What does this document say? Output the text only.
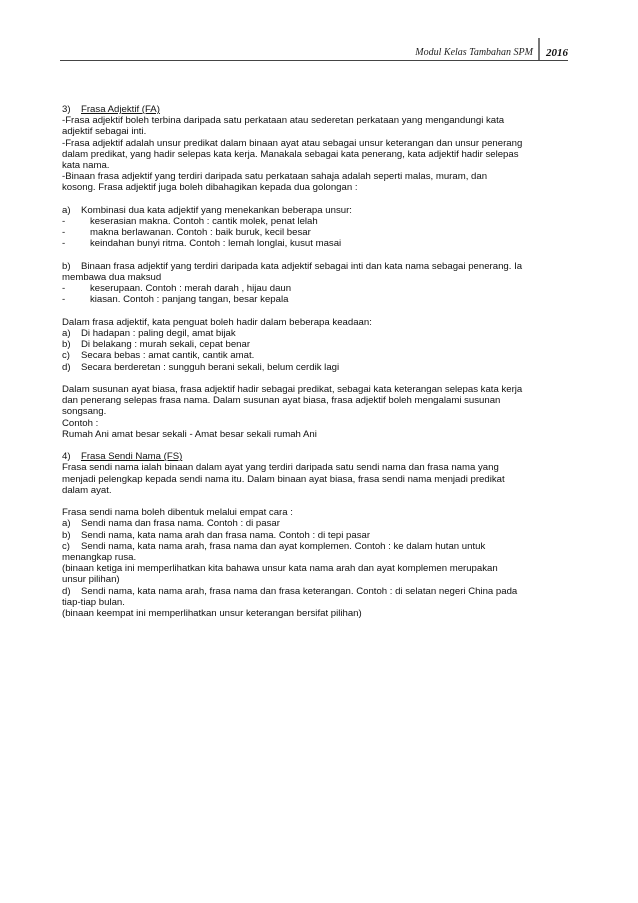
Modul Kelas Tambahan SPM	2016
3) Frasa Adjektif (FA)
-Frasa adjektif boleh terbina daripada satu perkataan atau sederetan perkataan yang mengandungi kata
adjektif sebagai inti.
-Frasa adjektif adalah unsur predikat dalam binaan ayat atau sebagai unsur keterangan dan unsur penerang
dalam predikat, yang hadir selepas kata kerja. Manakala sebagai kata penerang, kata adjektif hadir selepas
kata nama.
-Binaan frasa adjektif yang terdiri daripada satu perkataan sahaja adalah seperti malas, muram, dan
kosong. Frasa adjektif juga boleh dibahagikan kepada dua golongan :
a) Kombinasi dua kata adjektif yang menekankan beberapa unsur:
-	keserasian makna. Contoh : cantik molek, penat lelah
-	makna berlawanan. Contoh : baik buruk, kecil besar
-	keindahan bunyi ritma. Contoh : lemah longlai, kusut masai
b) Binaan frasa adjektif yang terdiri daripada kata adjektif sebagai inti dan kata nama sebagai penerang. Ia
membawa dua maksud
-	keserupaan. Contoh : merah darah , hijau daun
-	kiasan. Contoh : panjang tangan, besar kepala
Dalam frasa adjektif, kata penguat boleh hadir dalam beberapa keadaan:
a) Di hadapan : paling degil, amat bijak
b) Di belakang : murah sekali, cepat benar
c) Secara bebas : amat cantik, cantik amat.
d) Secara berderetan : sungguh berani sekali, belum cerdik lagi
Dalam susunan ayat biasa, frasa adjektif hadir sebagai predikat, sebagai kata keterangan selepas kata kerja
dan penerang selepas frasa nama. Dalam susunan ayat biasa, frasa adjektif boleh mengalami susunan
songsang.
Contoh :
Rumah Ani amat besar sekali - Amat besar sekali rumah Ani
4) Frasa Sendi Nama (FS)
Frasa sendi nama ialah binaan dalam ayat yang terdiri daripada satu sendi nama dan frasa nama yang
menjadi pelengkap kepada sendi nama itu. Dalam binaan ayat biasa, frasa sendi nama menjadi predikat
dalam ayat.
Frasa sendi nama boleh dibentuk melalui empat cara :
a) Sendi nama dan frasa nama. Contoh : di pasar
b) Sendi nama, kata nama arah dan frasa nama. Contoh : di tepi pasar
c) Sendi nama, kata nama arah, frasa nama dan ayat komplemen. Contoh : ke dalam hutan untuk
menangkap rusa.
(binaan ketiga ini memperlihatkan kita bahawa unsur kata nama arah dan ayat komplemen merupakan
unsur pilihan)
d) Sendi nama, kata nama arah, frasa nama dan frasa keterangan. Contoh : di selatan negeri China pada
tiap-tiap bulan.
(binaan keempat ini memperlihatkan unsur keterangan bersifat pilihan)
